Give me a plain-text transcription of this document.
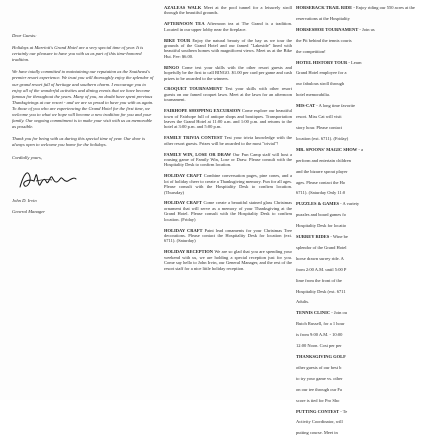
Dear Guests:

Holidays at Marriott's Grand Hotel are a very special time of year. It is certainly our pleasure to have you with us as part of this time-honored tradition.

We have totally committed to maintaining our reputation as the Southeast's premier resort experience. We trust you will thoroughly enjoy the splendor of our grand resort full of heritage and southern charm. I encourage you to enjoy all of the wonderful activities and dining events that we have become famous for throughout the years. Many of you, no doubt have spent previous Thanksgivings at our resort - and we are so proud to have you with us again. To those of you who are experiencing the Grand Hotel for the first time, we welcome you to what we hope will become a new tradition for you and your family. Our ongoing commitment is to make your visit with us as memorable as possible.

Thank you for being with us during this special time of year. Our door is always open to welcome you home for the holidays.

Cordially yours,

John D. Irvin

General Manager

AZALEAS WALK Meet at the pool tunnel for a leisurely stroll through the beautiful grounds.

AFTERNOON TEA Afternoon tea at The Grand is a tradition. Located in our upper lobby near the fireplace.

BIKE TOUR Enjoy the natural beauty of the bay as we tour the grounds of the Grand Hotel and our famed "Lakeside" lined with beautiful southern homes with magnificent views. Meet us at the Bike Hut. Fee: $6.00.

BINGO Come test your skills with the other resort guests and hopefully be the first to call BINGO. $1.00 per card per game and cash prizes to be awarded to the winners.

CROQUET TOURNAMENT Test your skills with other resort guests on our famed croquet lawn. Meet at the lawn for an afternoon tournament.

FAIRHOPE SHOPPING EXCURSION Come explore our beautiful town of Fairhope full of antique shops and boutiques. Transportation leaves the Grand Hotel at 11:00 a.m. and 1:00 p.m. and returns to the hotel at 3:00 p.m. and 5:00 p.m.

FAMILY TRIVIA CONTEST Test your trivia knowledge with the other resort guests. Prizes will be awarded to the most "trivial"!

FAMILY WIN, LOSE OR DRAW Our Fun Camp staff will host a rousing game of Family Win, Lose or Draw. Please consult with the Hospitality Desk to confirm location.

HOLIDAY CRAFT Combine conversation pages, pine cones, and a lot of holiday cheer to create a Thanksgiving memory. Fun for all ages. Please consult with the Hospitality Desk to confirm location. (Thursday)

HOLIDAY CRAFT Come create a beautiful stained glass Christmas ornament that will serve as a memory of your Thanksgiving at the Grand Hotel. Please consult with the Hospitality Desk to confirm location. (Friday)

HOLIDAY CRAFT Paint lead ornaments for your Christmas Tree decorations. Please contact the Hospitality Desk for location (ext. 6711). (Saturday)

HOLIDAY RECEPTION We are so glad that you are spending your weekend with us, we are holding a special reception just for you. Come say hello to John Irvin, our General Manager, and the rest of the resort staff for a nice little holiday reception.

HORSEBACK TRAIL RIDE - Enjoy riding our 550 acres at the

reservations at the Hospitality

HORSESHOE TOURNAMENT - Join us

the Pit behind the tennis courts

the competition!

HOTEL HISTORY TOUR - Learn

Grand Hotel employee for a

our fabulous stroll through

hotel memorabilia.

MIS-CAT - A long time favorite

resort. Miss Cat will visit

story hour. Please contact

location (ext. 6711). (Friday)

MR. SPOONS' MAGIC SHOW - a

perform and entertain children

and the bizarre sprout player

ages. Please contact the Ho

6711). (Saturday Only 11:0

PUZZLES & GAMES - A variety

puzzles and board games fo

Hospitality Desk for locatio

SURREY RIDES - Wine be

splendor of the Grand Hotel

horse drawn surrey ride. A

from 2:00 A.M. until 5:00 P

lime from the front of the

Hospitality Desk (ext. 6711

Adults.

TENNIS CLINIC - Join ou

Butch Russell, for a 1 hour

is from 9:00 A.M. - 10:00

12:00 Noon. Cost per per

THANKSGIVING GOLF

other guests of our best b

to try your game vs. other

on our tee through our Fa

score is tied for Pro Sho

PUTTING CONTEST - Te

Activity Coordinator, will

putting course. Meet in
